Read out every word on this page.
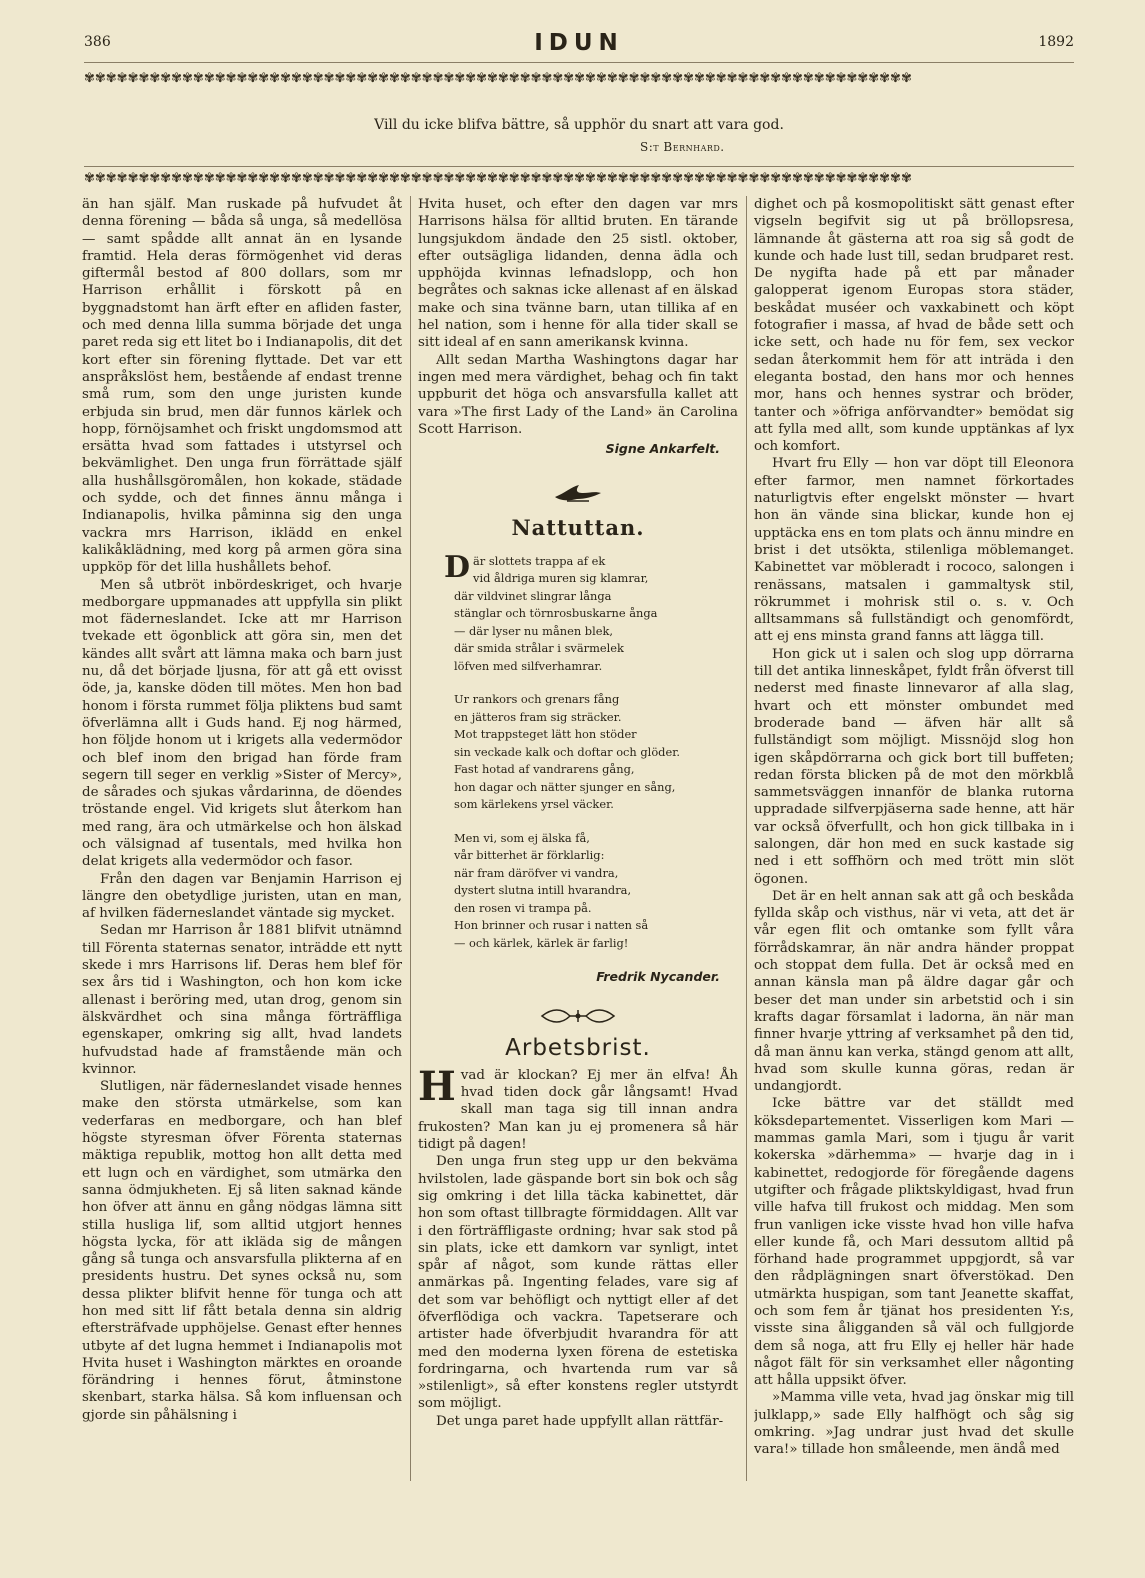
386	IDUN	1892
✾✾✾✾✾✾✾✾✾✾✾✾✾✾✾✾✾✾✾✾✾✾✾✾✾✾✾✾✾✾✾✾✾✾✾✾✾✾✾✾✾✾✾✾✾✾✾✾✾✾✾✾✾✾✾✾✾✾✾✾✾✾✾✾✾✾✾✾✾✾✾✾✾✾✾✾
Vill du icke blifva bättre, så upphör du snart att vara god.
S:t Bernhard.
✾✾✾✾✾✾✾✾✾✾✾✾✾✾✾✾✾✾✾✾✾✾✾✾✾✾✾✾✾✾✾✾✾✾✾✾✾✾✾✾✾✾✾✾✾✾✾✾✾✾✾✾✾✾✾✾✾✾✾✾✾✾✾✾✾✾✾✾✾✾✾✾✾✾✾✾

än han själf. Man ruskade på hufvudet åt denna förening — båda så unga, så medellösa — samt spådde allt annat än en lysande framtid. Hela deras förmögenhet vid deras giftermål bestod af 800 dollars, som mr Harrison erhållit i förskott på en byggnadstomt han ärft efter en afliden faster, och med denna lilla summa började det unga paret reda sig ett litet bo i Indianapolis, dit det kort efter sin förening flyttade. Det var ett anspråkslöst hem, bestående af endast trenne små rum, som den unge juristen kunde erbjuda sin brud, men där funnos kärlek och hopp, förnöjsamhet och friskt ungdomsmod att ersätta hvad som fattades i utstyrsel och bekvämlighet. Den unga frun förrättade själf alla hushållsgöromålen, hon kokade, städade och sydde, och det finnes ännu många i Indianapolis, hvilka påminna sig den unga vackra mrs Harrison, iklädd en enkel kalikåklädning, med korg på armen göra sina uppköp för det lilla hushållets behof.

Men så utbröt inbördeskriget, och hvarje medborgare uppmanades att uppfylla sin plikt mot fäderneslandet. Icke att mr Harrison tvekade ett ögonblick att göra sin, men det kändes allt svårt att lämna maka och barn just nu, då det började ljusna, för att gå ett ovisst öde, ja, kanske döden till mötes. Men hon bad honom i första rummet följa pliktens bud samt öfverlämna allt i Guds hand. Ej nog härmed, hon följde honom ut i krigets alla vedermödor och blef inom den brigad han förde fram segern till seger en verklig »Sister of Mercy», de sårades och sjukas vårdarinna, de döendes tröstande engel. Vid krigets slut återkom han med rang, ära och utmärkelse och hon älskad och välsignad af tusentals, med hvilka hon delat krigets alla vedermödor och fasor.

Från den dagen var Benjamin Harrison ej längre den obetydlige juristen, utan en man, af hvilken fäderneslandet väntade sig mycket.

Sedan mr Harrison år 1881 blifvit utnämnd till Förenta staternas senator, inträdde ett nytt skede i mrs Harrisons lif. Deras hem blef för sex års tid i Washington, och hon kom icke allenast i beröring med, utan drog, genom sin älskvärdhet och sina många förträffliga egenskaper, omkring sig allt, hvad landets hufvudstad hade af framstående män och kvinnor.

Slutligen, när fäderneslandet visade hennes make den största utmärkelse, som kan vederfaras en medborgare, och han blef högste styresman öfver Förenta staternas mäktiga republik, mottog hon allt detta med ett lugn och en värdighet, som utmärka den sanna ödmjukheten. Ej så liten saknad kände hon öfver att ännu en gång nödgas lämna sitt stilla husliga lif, som alltid utgjort hennes högsta lycka, för att ikläda sig de mången gång så tunga och ansvarsfulla plikterna af en presidents hustru. Det synes också nu, som dessa plikter blifvit henne för tunga och att hon med sitt lif fått betala denna sin aldrig eftersträfvade upphöjelse. Genast efter hennes utbyte af det lugna hemmet i Indianapolis mot Hvita huset i Washington märktes en oroande förändring i hennes förut, åtminstone skenbart, starka hälsa. Så kom influensan och gjorde sin påhälsning i

Hvita huset, och efter den dagen var mrs Harrisons hälsa för alltid bruten. En tärande lungsjukdom ändade den 25 sistl. oktober, efter outsägliga lidanden, denna ädla och upphöjda kvinnas lefnadslopp, och hon begråtes och saknas icke allenast af en älskad make och sina tvänne barn, utan tillika af en hel nation, som i henne för alla tider skall se sitt ideal af en sann amerikansk kvinna.

Allt sedan Martha Washingtons dagar har ingen med mera värdighet, behag och fin takt uppburit det höga och ansvarsfulla kallet att vara »The first Lady of the Land» än Carolina Scott Harrison.

Signe Ankarfelt.
Nattuttan.
D är slottets trappa af ek
vid åldriga muren sig klamrar,
där vildvinet slingrar långa
stänglar och törnrosbuskarne ånga
— där lyser nu månen blek,
där smida strålar i svärmelek
löfven med silfverhamrar.
Ur rankors och grenars fång
en jätteros fram sig sträcker.
Mot trappsteget lätt hon stöder
sin veckade kalk och doftar och glöder.
Fast hotad af vandrarens gång,
hon dagar och nätter sjunger en sång,
som kärlekens yrsel väcker.
Men vi, som ej älska få,
vår bitterhet är förklarlig:
när fram däröfver vi vandra,
dystert slutna intill hvarandra,
den rosen vi trampa på.
Hon brinner och rusar i natten så
— och kärlek, kärlek är farlig!
Fredrik Nycander.
Arbetsbrist.

Hvad är klockan? Ej mer än elfva! Åh hvad tiden dock går långsamt! Hvad skall man taga sig till innan andra frukosten? Man kan ju ej promenera så här tidigt på dagen!

Den unga frun steg upp ur den bekväma hvilstolen, lade gäspande bort sin bok och såg sig omkring i det lilla täcka kabinettet, där hon som oftast tillbragte förmiddagen. Allt var i den förträffligaste ordning; hvar sak stod på sin plats, icke ett damkorn var synligt, intet spår af något, som kunde rättas eller anmärkas på. Ingenting felades, vare sig af det som var behöfligt och nyttigt eller af det öfverflödiga och vackra. Tapetserare och artister hade öfverbjudit hvarandra för att med den moderna lyxen förena de estetiska fordringarna, och hvartenda rum var så »stilenligt», så efter konstens regler utstyrdt som möjligt.

Det unga paret hade uppfyllt allan rättfär-

dighet och på kosmopolitiskt sätt genast efter vigseln begifvit sig ut på bröllopsresa, lämnande åt gästerna att roa sig så godt de kunde och hade lust till, sedan brudparet rest. De nygifta hade på ett par månader galopperat igenom Europas stora städer, beskådat muséer och vaxkabinett och köpt fotografier i massa, af hvad de både sett och icke sett, och hade nu för fem, sex veckor sedan återkommit hem för att inträda i den eleganta bostad, den hans mor och hennes mor, hans och hennes systrar och bröder, tanter och »öfriga anförvandter» bemödat sig att fylla med allt, som kunde upptänkas af lyx och komfort.

Hvart fru Elly — hon var döpt till Eleonora efter farmor, men namnet förkortades naturligtvis efter engelskt mönster — hvart hon än vände sina blickar, kunde hon ej upptäcka ens en tom plats och ännu mindre en brist i det utsökta, stilenliga möblemanget. Kabinettet var möbleradt i rococo, salongen i renässans, matsalen i gammaltysk stil, rökrummet i mohrisk stil o. s. v. Och alltsammans så fullständigt och genomfördt, att ej ens minsta grand fanns att lägga till.

Hon gick ut i salen och slog upp dörrarna till det antika linneskåpet, fyldt från öfverst till nederst med finaste linnevaror af alla slag, hvart och ett mönster ombundet med broderade band — äfven här allt så fullständigt som möjligt. Missnöjd slog hon igen skåpdörrarna och gick bort till buffeten; redan första blicken på de mot den mörkblå sammetsväggen innanför de blanka rutorna uppradade silfverpjäserna sade henne, att här var också öfverfullt, och hon gick tillbaka in i salongen, där hon med en suck kastade sig ned i ett soffhörn och med trött min slöt ögonen.

Det är en helt annan sak att gå och beskåda fyllda skåp och visthus, när vi veta, att det är vår egen flit och omtanke som fyllt våra förrådskamrar, än när andra händer proppat och stoppat dem fulla. Det är också med en annan känsla man på äldre dagar går och beser det man under sin arbetstid och i sin krafts dagar församlat i ladorna, än när man finner hvarje yttring af verksamhet på den tid, då man ännu kan verka, stängd genom att allt, hvad som skulle kunna göras, redan är undangjordt.

Icke bättre var det ställdt med köksdepartementet. Visserligen kom Mari — mammas gamla Mari, som i tjugu år varit kokerska »därhemma» — hvarje dag in i kabinettet, redogjorde för föregående dagens utgifter och frågade pliktskyldigast, hvad frun ville hafva till frukost och middag. Men som frun vanligen icke visste hvad hon ville hafva eller kunde få, och Mari dessutom alltid på förhand hade programmet uppgjordt, så var den rådplägningen snart öfverstökad. Den utmärkta huspigan, som tant Jeanette skaffat, och som fem år tjänat hos presidenten Y:s, visste sina åligganden så väl och fullgjorde dem så noga, att fru Elly ej heller här hade något fält för sin verksamhet eller någonting att hålla uppsikt öfver.

»Mamma ville veta, hvad jag önskar mig till julklapp,» sade Elly halfhögt och såg sig omkring. »Jag undrar just hvad det skulle vara!» tillade hon småleende, men ändå med
